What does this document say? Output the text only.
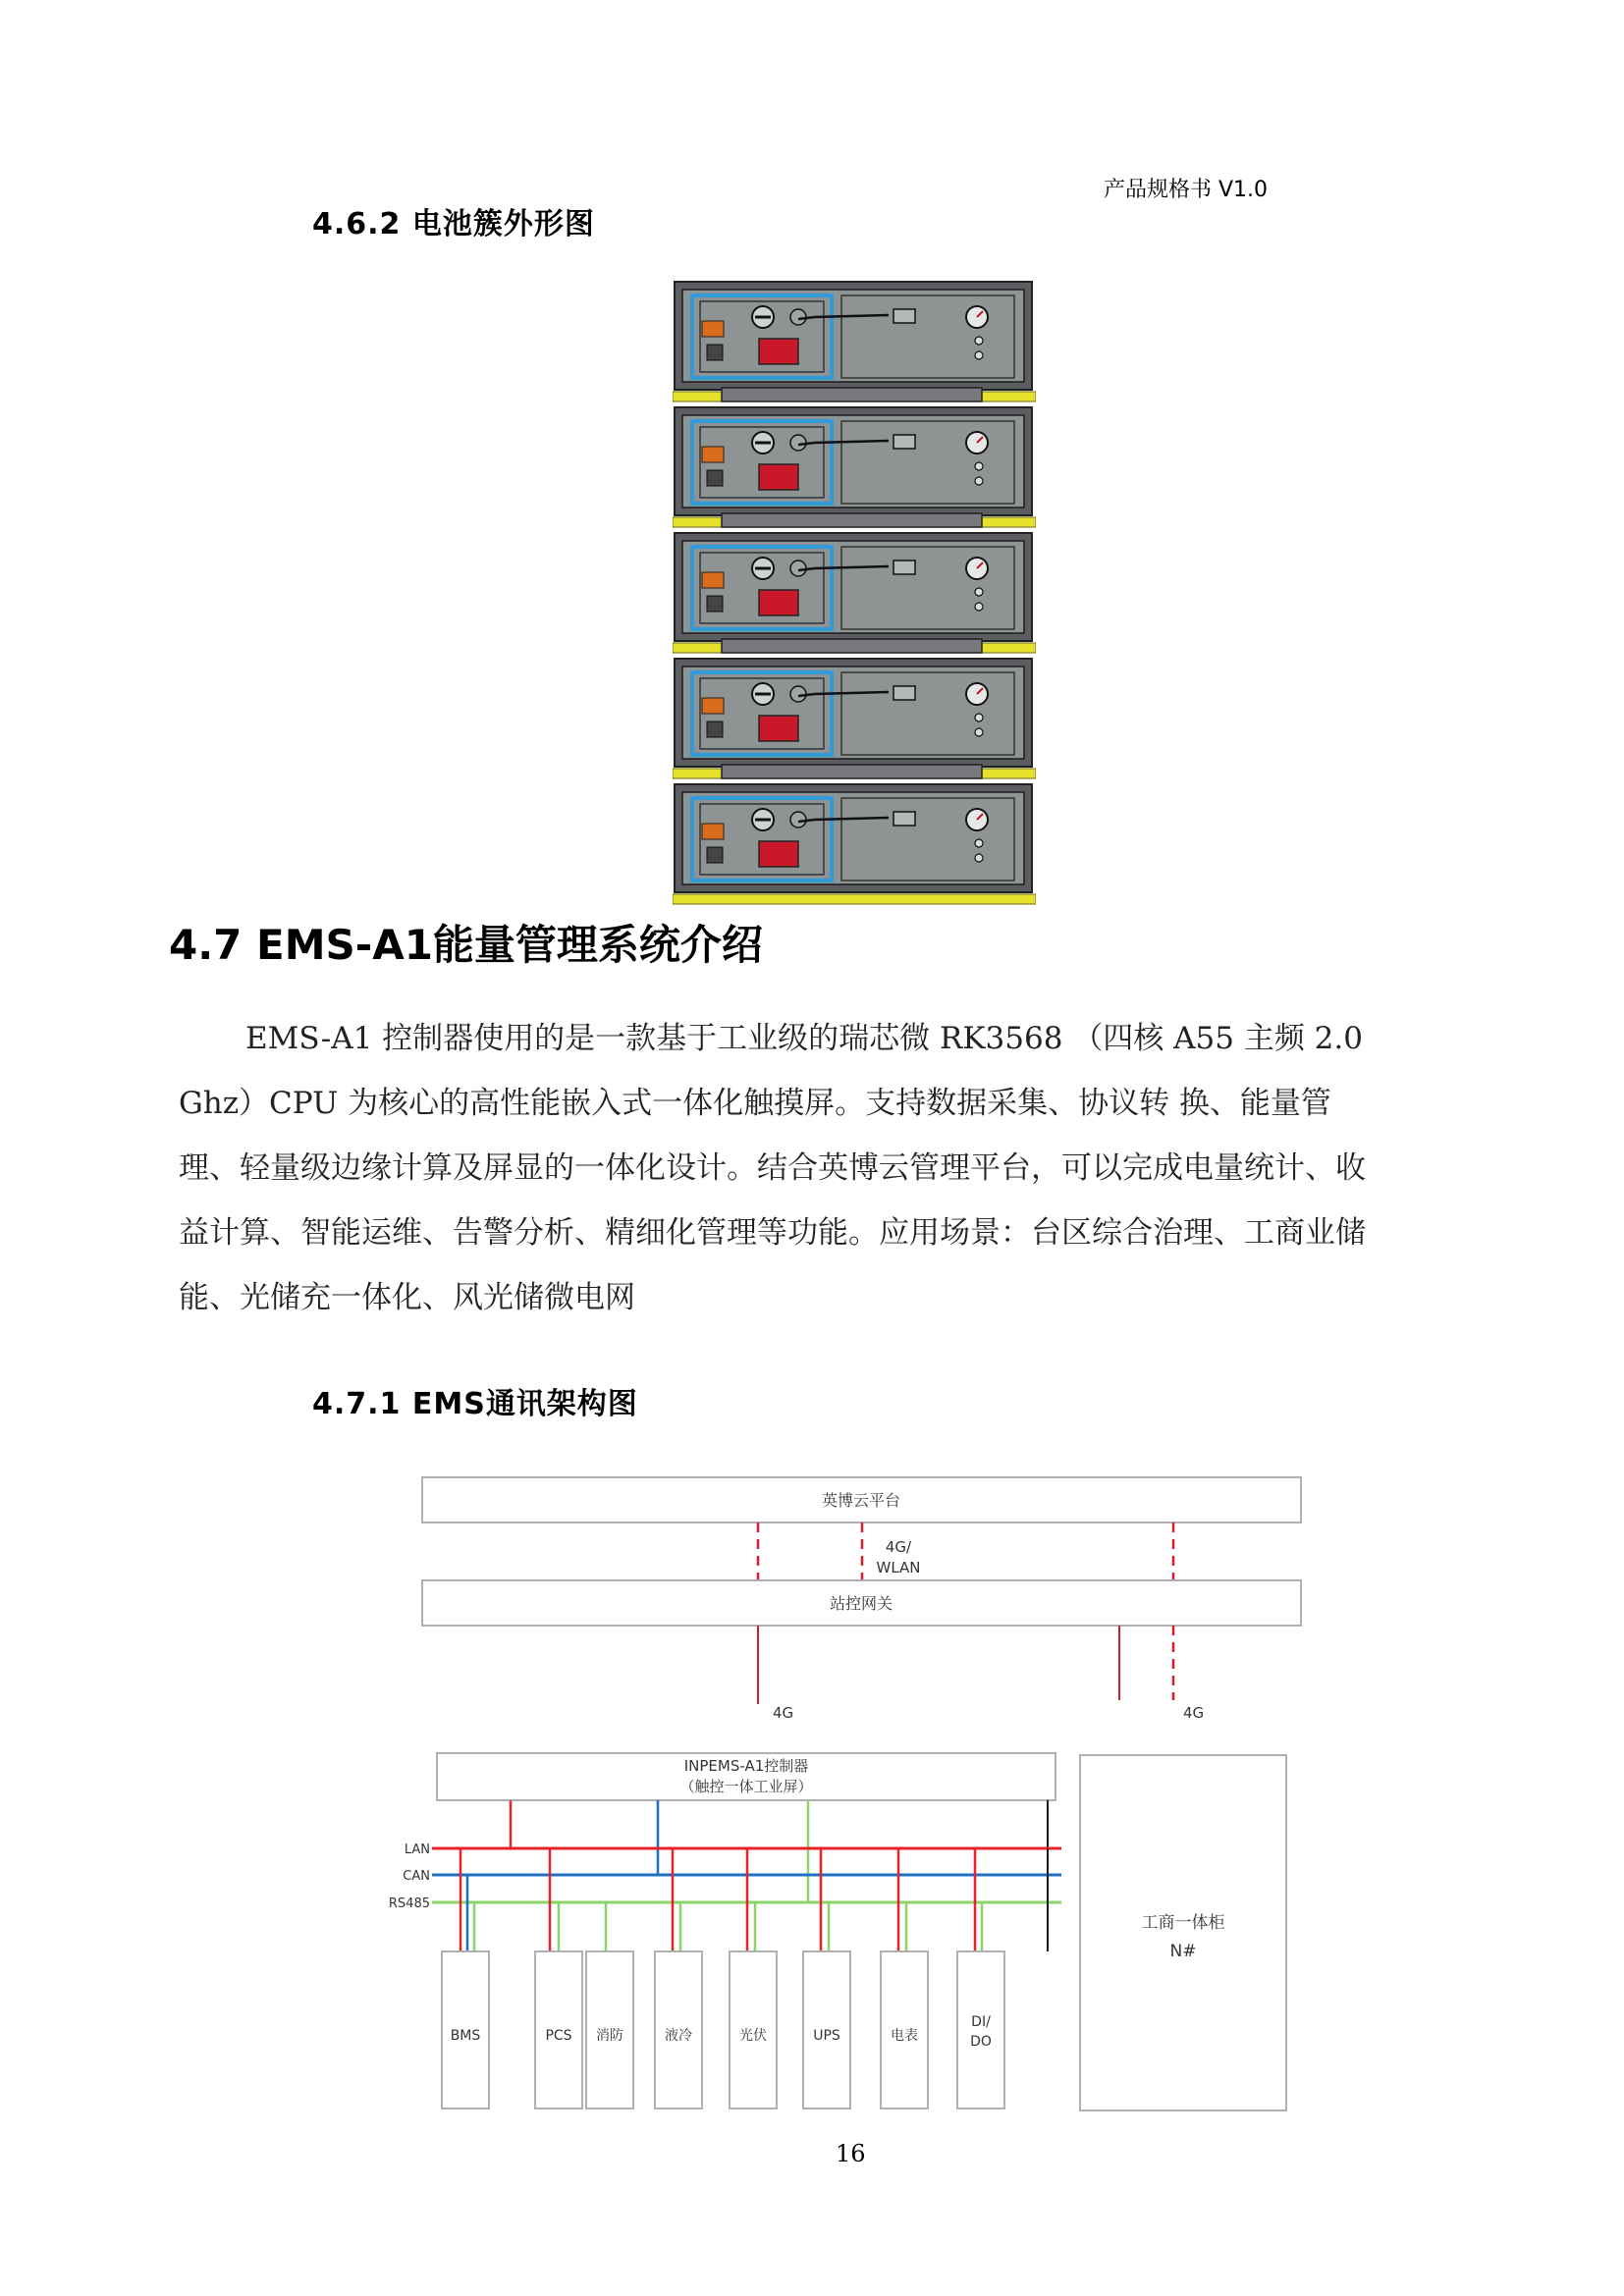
产品规格书 V1.0
4.6.2 电池簇外形图
4.7 EMS-A1能量管理系统介绍

EMS-A1 控制器使用的是一款基于工业级的瑞芯微 RK3568 （四核 A55 主频 2.0 Ghz）CPU 为核心的高性能嵌入式一体化触摸屏。支持数据采集、协议转 换、能量管理、轻量级边缘计算及屏显的一体化设计。结合英博云管理平台，可以完成电量统计、收益计算、智能运维、告警分析、精细化管理等功能。应用场景：台区综合治理、工商业储能、光储充一体化、风光储微电网

4.7.1 EMS通讯架构图
英博云平台
4G/
WLAN
站控网关
4G	4G
INPEMS-A1控制器
（触控一体工业屏）
LAN
CAN
RS485
BMS	PCS 消防	液冷	光伏	UPS	电表
DI/
DO
工商一体柜
N#
16
